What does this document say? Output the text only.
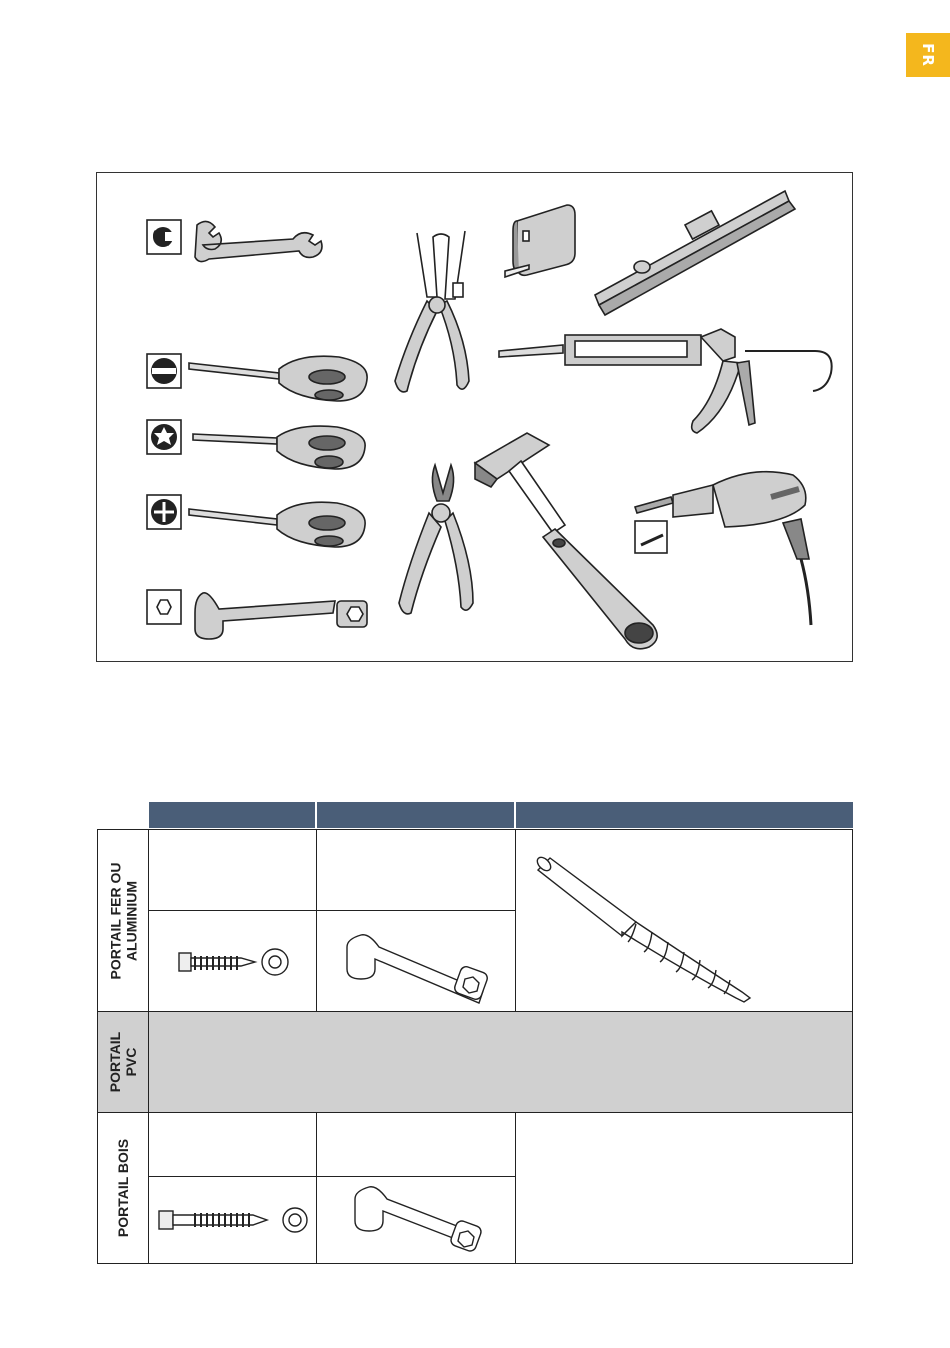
FR
PORTAIL FER OU ALUMINIUM
PORTAIL PVC
PORTAIL BOIS
